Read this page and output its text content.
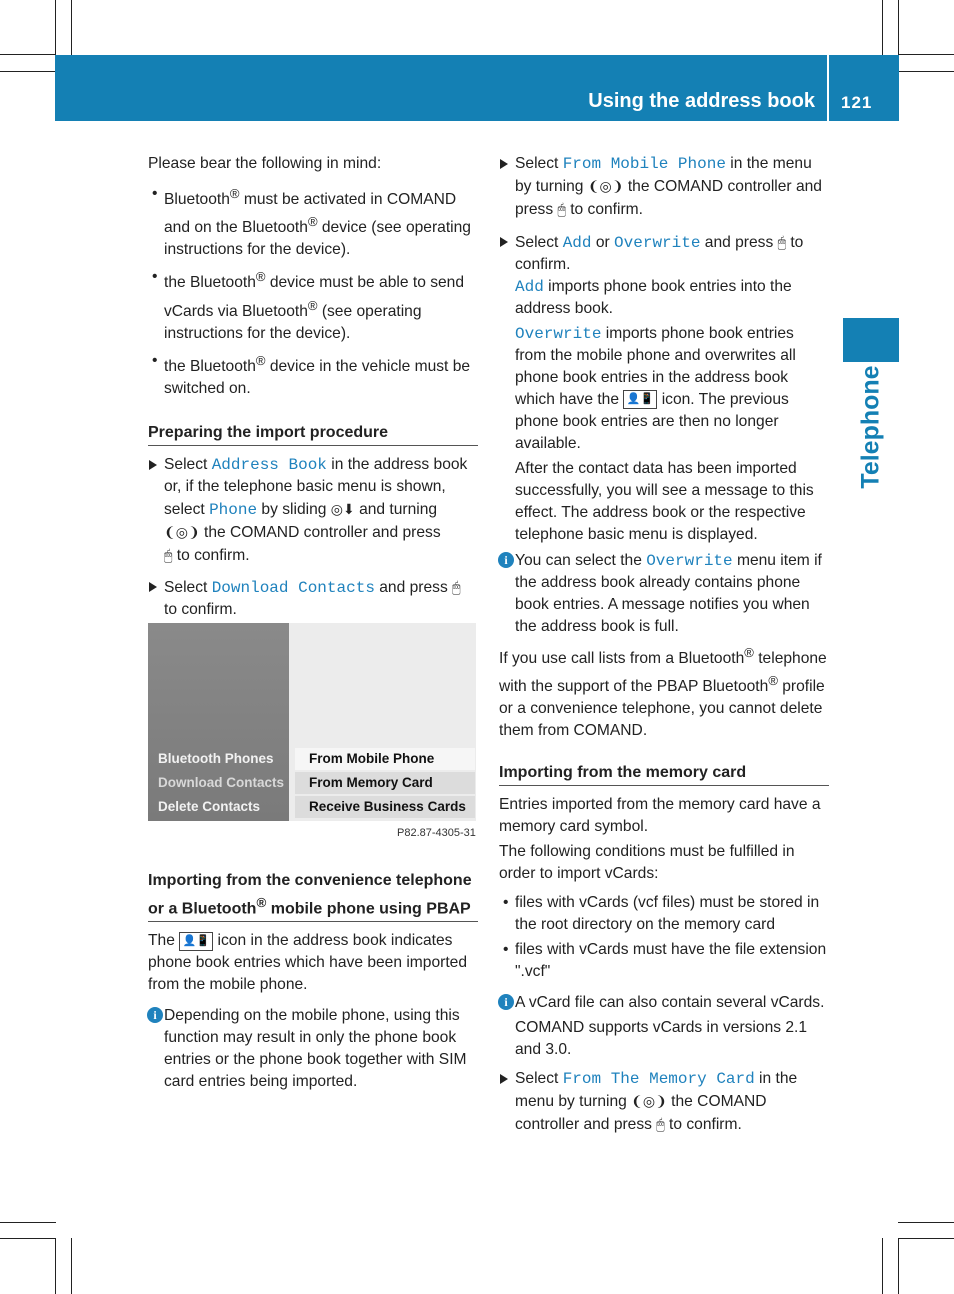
Using the address book 121
Telephone

Please bear the following in mind:

• Bluetooth® must be activated in COMAND and on the Bluetooth® device (see operating instructions for the device).

• the Bluetooth® device must be able to send vCards via Bluetooth® (see operating instructions for the device).

• the Bluetooth® device in the vehicle must be switched on.

Preparing the import procedure

Select Address Book in the address book or, if the telephone basic menu is shown, select Phone by sliding ◎⬇ and turning
❨◎❩ the COMAND controller and press
🖱 to confirm.

Select Download Contacts and press 🖱
to confirm.

Bluetooth Phones
Download Contacts
Delete Contacts
From Mobile Phone
From Memory Card
Receive Business Cards
P82.87-4305-31

Importing from the convenience telephone or a Bluetooth® mobile phone using PBAP

The 👤📱 icon in the address book indicates phone book entries which have been imported from the mobile phone.

i Depending on the mobile phone, using this function may result in only the phone book entries or the phone book together with SIM card entries being imported.

Select From Mobile Phone in the menu by turning ❨◎❩ the COMAND controller and press 🖱 to confirm.

Select Add or Overwrite and press 🖱 to confirm.

Add imports phone book entries into the address book.

Overwrite imports phone book entries from the mobile phone and overwrites all phone book entries in the address book which have the 👤📱 icon. The previous phone book entries are then no longer available.

After the contact data has been imported successfully, you will see a message to this effect. The address book or the respective telephone basic menu is displayed.

i You can select the Overwrite menu item if the address book already contains phone book entries. A message notifies you when the address book is full.

If you use call lists from a Bluetooth® telephone with the support of the PBAP Bluetooth® profile or a convenience telephone, you cannot delete them from COMAND.

Importing from the memory card

Entries imported from the memory card have a memory card symbol.

The following conditions must be fulfilled in order to import vCards:

• files with vCards (vcf files) must be stored in the root directory on the memory card

• files with vCards must have the file extension ".vcf"

i A vCard file can also contain several vCards.

COMAND supports vCards in versions 2.1 and 3.0.

Select From The Memory Card in the menu by turning ❨◎❩ the COMAND controller and press 🖱 to confirm.
